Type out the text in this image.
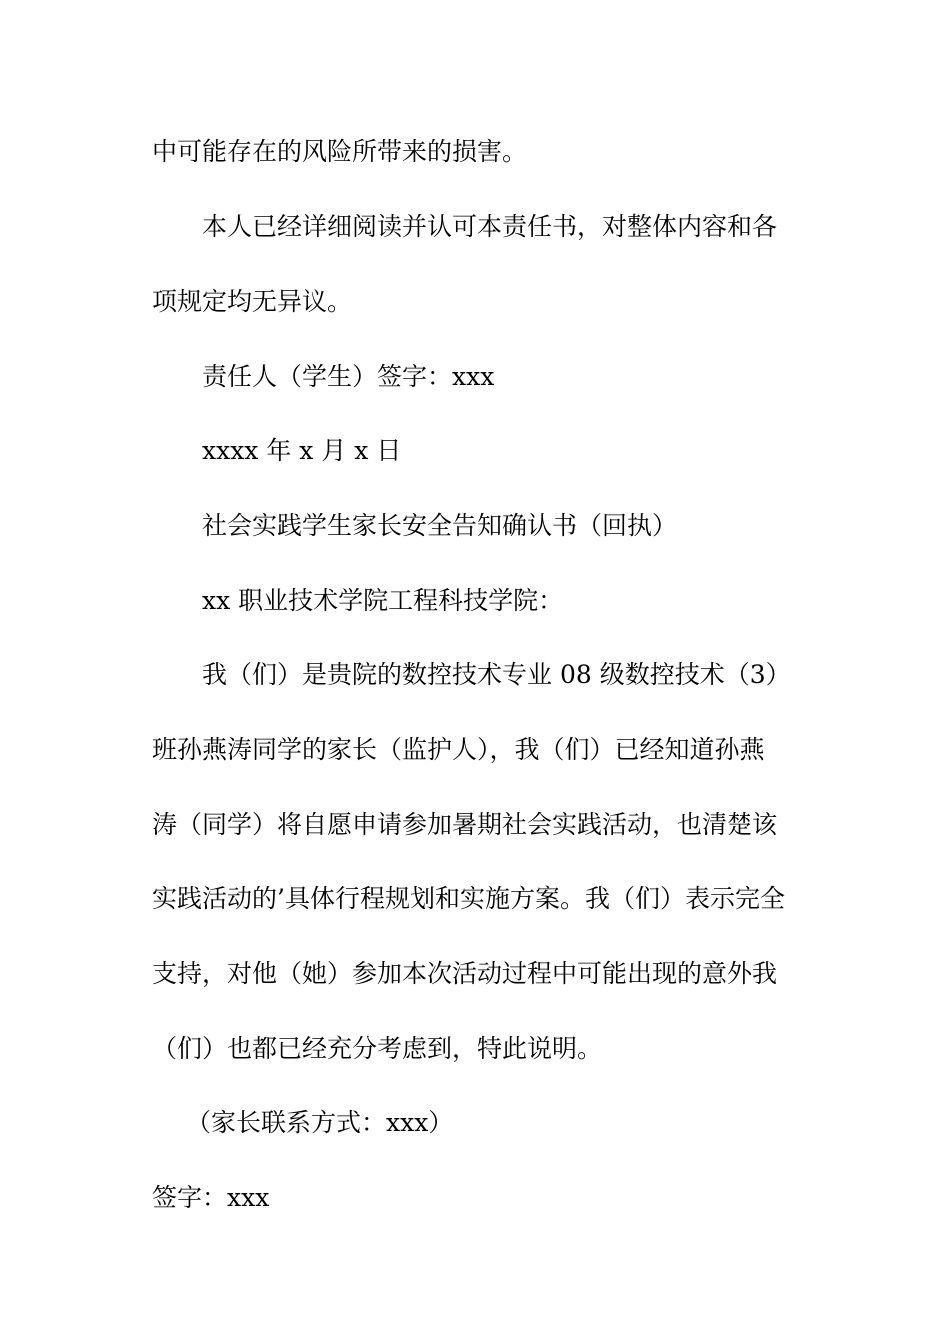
中可能存在的风险所带来的损害。
本人已经详细阅读并认可本责任书，对整体内容和各
项规定均无异议。
责任人（学生）签字：xxx
xxxx 年 x 月 x 日
社会实践学生家长安全告知确认书（回执）
xx 职业技术学院工程科技学院：
我（们）是贵院的数控技术专业 08 级数控技术（3）
班孙燕涛同学的家长（监护人），我（们）已经知道孙燕
涛（同学）将自愿申请参加暑期社会实践活动，也清楚该
实践活动的’具体行程规划和实施方案。我（们）表示完全
支持，对他（她）参加本次活动过程中可能出现的意外我
（们）也都已经充分考虑到，特此说明。
（家长联系方式：xxx）
签字：xxx
